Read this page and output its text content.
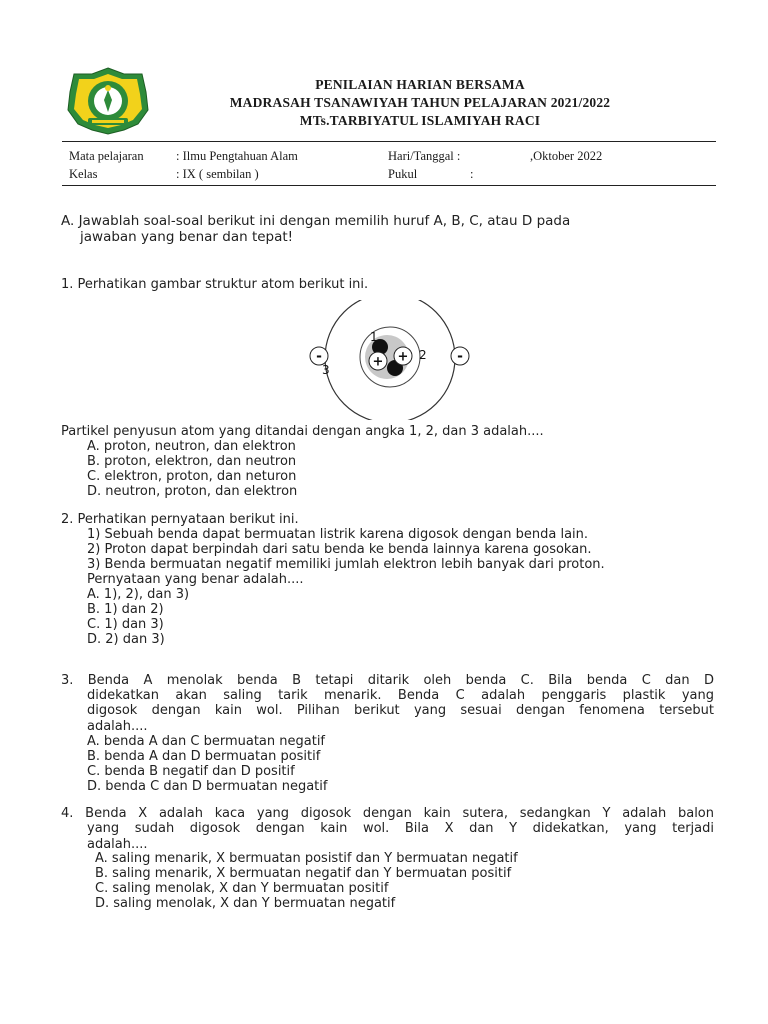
PENILAIAN HARIAN BERSAMA
MADRASAH TSANAWIYAH TAHUN PELAJARAN 2021/2022
MTs.TARBIYATUL ISLAMIYAH RACI
Mata pelajaran	: Ilmu Pengtahuan Alam	Hari/Tanggal :	,Oktober 2022
Kelas	: IX ( sembilan )	Pukul	:
A. Jawablah soal-soal berikut ini dengan memilih huruf A, B, C, atau D pada
jawaban yang benar dan tepat!
1. Perhatikan gambar struktur atom berikut ini.
+
+
-	-
1
2
3
Partikel penyusun atom yang ditandai dengan angka 1, 2, dan 3 adalah....
A. proton, neutron, dan elektron
B. proton, elektron, dan neutron
C. elektron, proton, dan neturon
D. neutron, proton, dan elektron
2. Perhatikan pernyataan berikut ini.
1) Sebuah benda dapat bermuatan listrik karena digosok dengan benda lain.
2) Proton dapat berpindah dari satu benda ke benda lainnya karena gosokan.
3) Benda bermuatan negatif memiliki jumlah elektron lebih banyak dari proton.
Pernyataan yang benar adalah....
A. 1), 2), dan 3)
B. 1) dan 2)
C. 1) dan 3)
D. 2) dan 3)
3. Benda A menolak benda B tetapi ditarik oleh benda C. Bila benda C dan D
didekatkan akan saling tarik menarik. Benda C adalah penggaris plastik yang
digosok dengan kain wol. Pilihan berikut yang sesuai dengan fenomena tersebut
adalah....
A. benda A dan C bermuatan negatif
B. benda A dan D bermuatan positif
C. benda B negatif dan D positif
D. benda C dan D bermuatan negatif
4. Benda X adalah kaca yang digosok dengan kain sutera, sedangkan Y adalah balon
yang sudah digosok dengan kain wol. Bila X dan Y didekatkan, yang terjadi
adalah....
A. saling menarik, X bermuatan posistif dan Y bermuatan negatif
B. saling menarik, X bermuatan negatif dan Y bermuatan positif
C. saling menolak, X dan Y bermuatan positif
D. saling menolak, X dan Y bermuatan negatif
